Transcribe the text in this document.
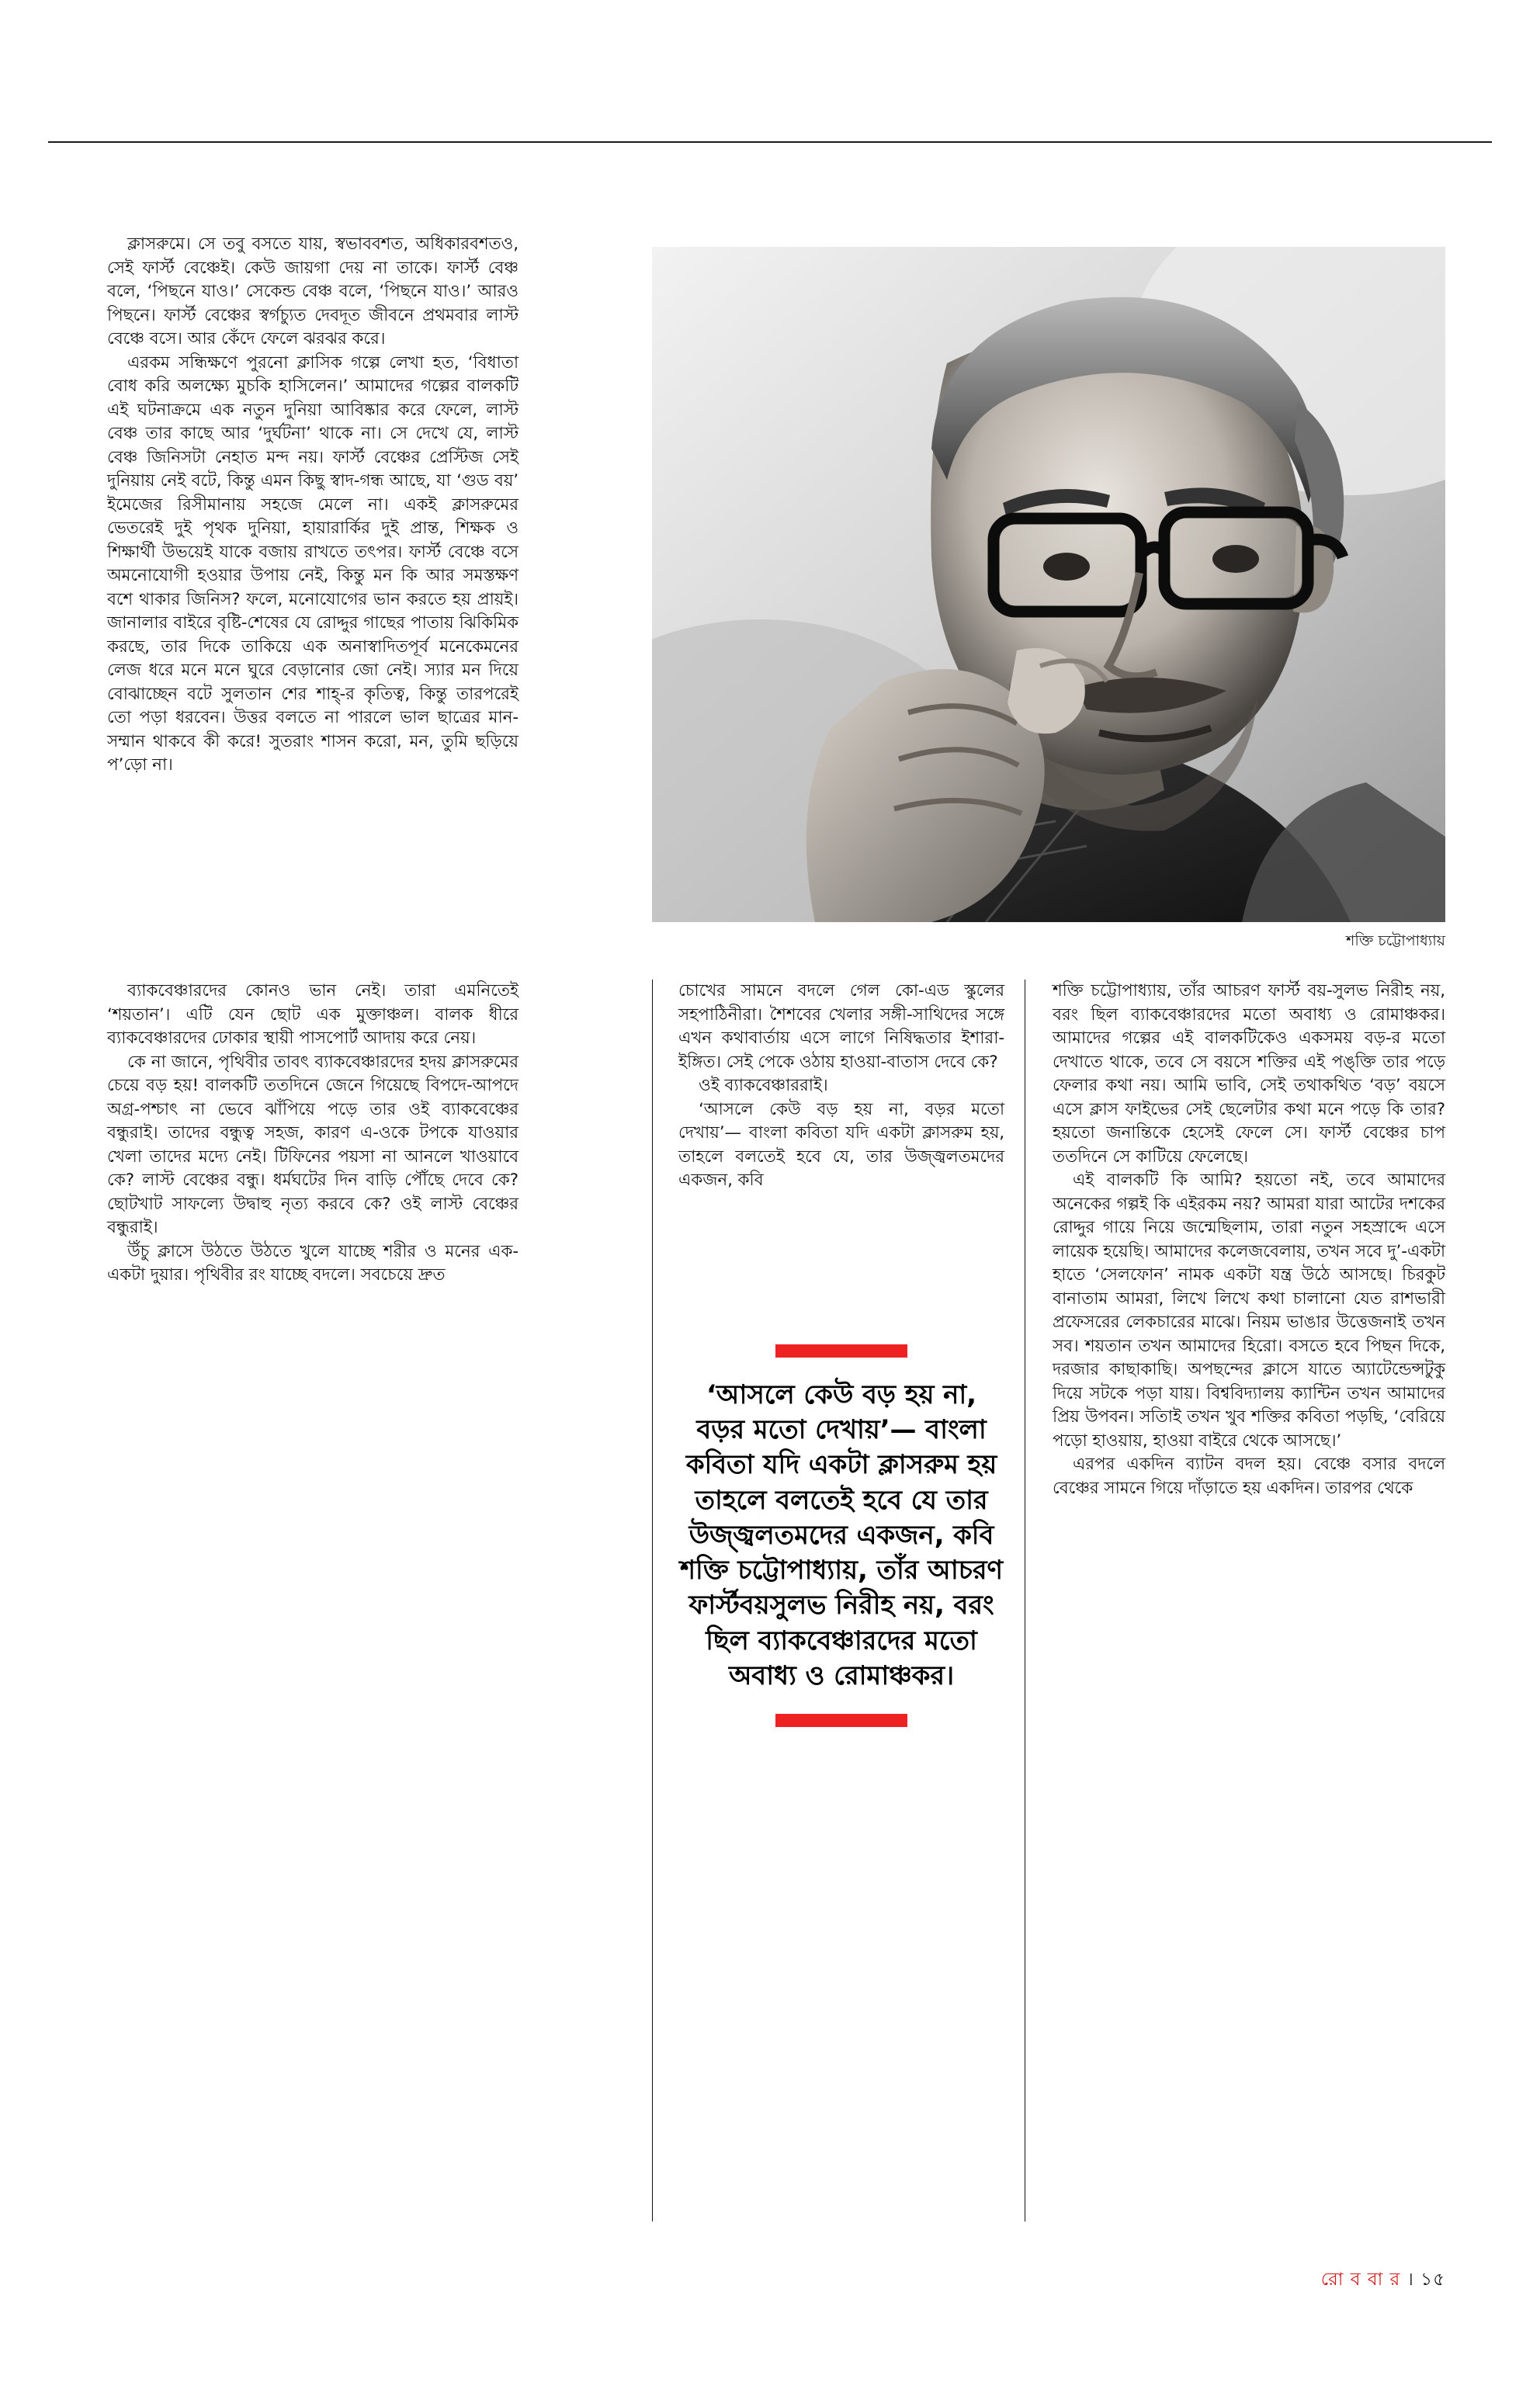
ক্লাসরুমে। সে তবু বসতে যায়, স্বভাববশত, অধিকারবশতও, সেই ফার্স্ট বেঞ্চেই। কেউ জায়গা দেয় না তাকে। ফার্স্ট বেঞ্চ বলে, ‘পিছনে যাও।’ সেকেন্ড বেঞ্চ বলে, ‘পিছনে যাও।’ আরও পিছনে। ফার্স্ট বেঞ্চের স্বর্গচ্যুত দেবদূত জীবনে প্রথমবার লাস্ট বেঞ্চে বসে। আর কেঁদে ফেলে ঝরঝর করে।

এরকম সন্ধিক্ষণে পুরনো ক্লাসিক গল্পে লেখা হত, ‘বিধাতা বোধ করি অলক্ষ্যে মুচকি হাসিলেন।’ আমাদের গল্পের বালকটি এই ঘটনাক্রমে এক নতুন দুনিয়া আবিষ্কার করে ফেলে, লাস্ট বেঞ্চ তার কাছে আর ‘দুর্ঘটনা’ থাকে না। সে দেখে যে, লাস্ট বেঞ্চ জিনিসটা নেহাত মন্দ নয়। ফার্স্ট বেঞ্চের প্রেস্টিজ সেই দুনিয়ায় নেই বটে, কিন্তু এমন কিছু স্বাদ-গন্ধ আছে, যা ‘গুড বয়’ ইমেজের রিসীমানায় সহজে মেলে না। একই ক্লাসরুমের ভেতরেই দুই পৃথক দুনিয়া, হায়ারার্কির দুই প্রান্ত, শিক্ষক ও শিক্ষার্থী উভয়েই যাকে বজায় রাখতে তৎপর। ফার্স্ট বেঞ্চে বসে অমনোযোগী হওয়ার উপায় নেই, কিন্তু মন কি আর সমস্তক্ষণ বশে থাকার জিনিস? ফলে, মনোযোগের ভান করতে হয় প্রায়ই। জানালার বাইরে বৃষ্টি-শেষের যে রোদ্দুর গাছের পাতায় ঝিকিমিক করছে, তার দিকে তাকিয়ে এক অনাস্বাদিতপূর্ব মনেকেমনের লেজ ধরে মনে মনে ঘুরে বেড়ানোর জো নেই। স্যার মন দিয়ে বোঝাচ্ছেন বটে সুলতান শের শাহ্‌-র কৃতিত্ব, কিন্তু তারপরেই তো পড়া ধরবেন। উত্তর বলতে না পারলে ভাল ছাত্রের মান-সম্মান থাকবে কী করে! সুতরাং শাসন করো, মন, তুমি ছড়িয়ে প’ড়ো না।

শক্তি চট্টোপাধ্যায়

ব্যাকবেঞ্চারদের কোনও ভান নেই। তারা এমনিতেই ‘শয়তান’। এটি যেন ছোট এক মুক্তাঞ্চল। বালক ধীরে ব্যাকবেঞ্চারদের ঢোকার স্থায়ী পাসপোর্ট আদায় করে নেয়।

কে না জানে, পৃথিবীর তাবৎ ব্যাকবেঞ্চারদের হদয় ক্লাসরুমের চেয়ে বড় হয়! বালকটি ততদিনে জেনে গিয়েছে বিপদে-আপদে অগ্র-পশ্চাৎ না ভেবে ঝাঁপিয়ে পড়ে তার ওই ব্যাকবেঞ্চের বন্ধুরাই। তাদের বন্ধুত্ব সহজ, কারণ এ-ওকে টপকে যাওয়ার খেলা তাদের মদ্যে নেই। টিফিনের পয়সা না আনলে খাওয়াবে কে? লাস্ট বেঞ্চের বন্ধু। ধর্মঘটের দিন বাড়ি পৌঁছে দেবে কে? ছোটখাট সাফল্যে উদ্বাহু নৃত্য করবে কে? ওই লাস্ট বেঞ্চের বন্ধুরাই।

উঁচু ক্লাসে উঠতে উঠতে খুলে যাচ্ছে শরীর ও মনের এক-একটা দুয়ার। পৃথিবীর রং যাচ্ছে বদলে। সবচেয়ে দ্রুত

চোখের সামনে বদলে গেল কো-এড স্কুলের সহপাঠিনীরা। শৈশবের খেলার সঙ্গী-সাথিদের সঙ্গে এখন কথাবার্তায় এসে লাগে নিষিদ্ধতার ইশারা-ইঙ্গিত। সেই পেকে ওঠায় হাওয়া-বাতাস দেবে কে?

ওই ব্যাকবেঞ্চাররাই।

‘আসলে কেউ বড় হয় না, বড়র মতো দেখায়’— বাংলা কবিতা যদি একটা ক্লাসরুম হয়, তাহলে বলতেই হবে যে, তার উজ্জ্বলতমদের একজন, কবি

‘আসলে কেউ বড় হয় না, বড়র মতো দেখায়’— বাংলা কবিতা যদি একটা ক্লাসরুম হয় তাহলে বলতেই হবে যে তার উজ্জ্বলতমদের একজন, কবি শক্তি চট্টোপাধ্যায়, তাঁর আচরণ ফার্স্টবয়সুলভ নিরীহ নয়, বরং ছিল ব্যাকবেঞ্চারদের মতো অবাধ্য ও রোমাঞ্চকর।

শক্তি চট্টোপাধ্যায়, তাঁর আচরণ ফার্স্ট বয়-সুলভ নিরীহ নয়, বরং ছিল ব্যাকবেঞ্চারদের মতো অবাধ্য ও রোমাঞ্চকর। আমাদের গল্পের এই বালকটিকেও একসময় বড়-র মতো দেখাতে থাকে, তবে সে বয়সে শক্তির এই পঙ্‌ক্তি তার পড়ে ফেলার কথা নয়। আমি ভাবি, সেই তথাকথিত ‘বড়’ বয়সে এসে ক্লাস ফাইভের সেই ছেলেটার কথা মনে পড়ে কি তার? হয়তো জনান্তিকে হেসেই ফেলে সে। ফার্স্ট বেঞ্চের চাপ ততদিনে সে কাটিয়ে ফেলেছে।

এই বালকটি কি আমি? হয়তো নই, তবে আমাদের অনেকের গল্পই কি এইরকম নয়? আমরা যারা আটের দশকের রোদ্দুর গায়ে নিয়ে জন্মেছিলাম, তারা নতুন সহস্রাব্দে এসে লায়েক হয়েছি। আমাদের কলেজবেলায়, তখন সবে দু’-একটা হাতে ‘সেলফোন’ নামক একটা যন্ত্র উঠে আসছে। চিরকুট বানাতাম আমরা, লিখে লিখে কথা চালানো যেত রাশভারী প্রফেসরের লেকচারের মাঝে। নিয়ম ভাঙার উত্তেজনাই তখন সব। শয়তান তখন আমাদের হিরো। বসতে হবে পিছন দিকে, দরজার কাছাকাছি। অপছন্দের ক্লাসে যাতে অ্যাটেন্ডেন্সটুকু দিয়ে সটকে পড়া যায়। বিশ্ববিদ্যালয় ক্যান্টিন তখন আমাদের প্রিয় উপবন। সতিাই তখন খুব শক্তির কবিতা পড়ছি, ‘বেরিয়ে পড়ো হাওয়ায়, হাওয়া বাইরে থেকে আসছে।’

এরপর একদিন ব্যাটন বদল হয়। বেঞ্চে বসার বদলে বেঞ্চের সামনে গিয়ে দাঁড়াতে হয় একদিন। তারপর থেকে

রো ব বা র । ১৫
